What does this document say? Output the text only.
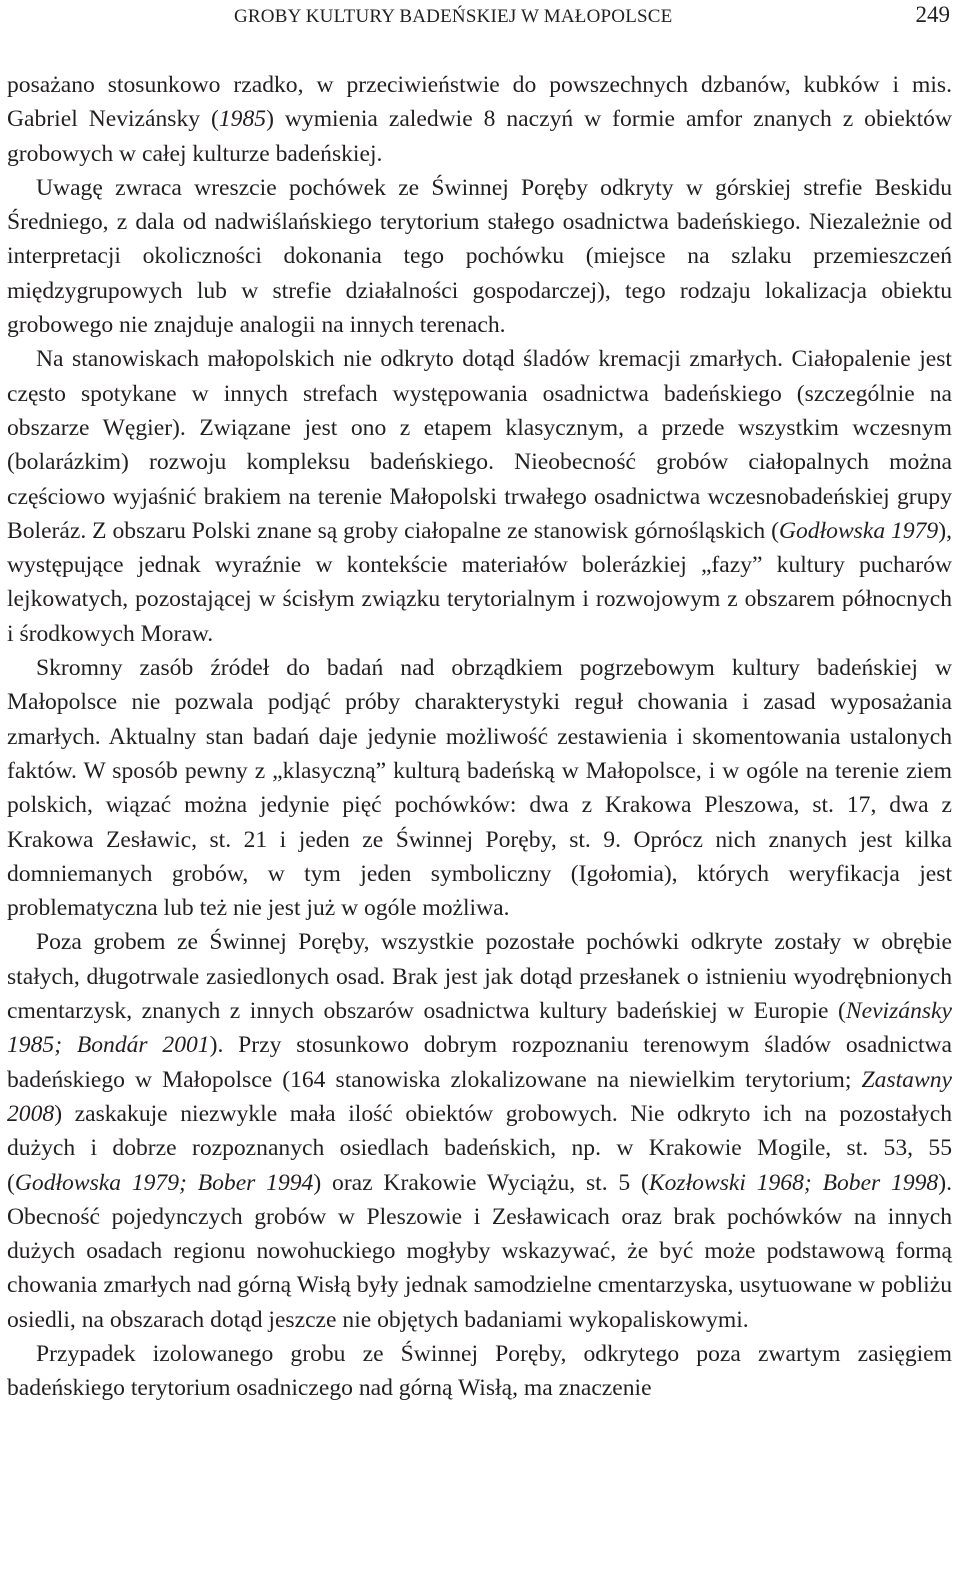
GROBY KULTURY BADEŃSKIEJ W MAŁOPOLSCE	249

posażano stosunkowo rzadko, w przeciwieństwie do powszechnych dzbanów, kubków i mis. Gabriel Nevizánsky (1985) wymienia zaledwie 8 naczyń w formie amfor znanych z obiektów grobowych w całej kulturze badeńskiej.

Uwagę zwraca wreszcie pochówek ze Świnnej Poręby odkryty w górskiej strefie Beskidu Średniego, z dala od nadwiślańskiego terytorium stałego osadnictwa badeńskiego. Niezależnie od interpretacji okoliczności dokonania tego pochówku (miejsce na szlaku przemieszczeń międzygrupowych lub w strefie działalności gospodarczej), tego rodzaju lokalizacja obiektu grobowego nie znajduje analogii na innych terenach.

Na stanowiskach małopolskich nie odkryto dotąd śladów kremacji zmarłych. Ciałopalenie jest często spotykane w innych strefach występowania osadnictwa badeńskiego (szczególnie na obszarze Węgier). Związane jest ono z etapem klasycznym, a przede wszystkim wczesnym (bolarázkim) rozwoju kompleksu badeńskiego. Nieobecność grobów ciałopalnych można częściowo wyjaśnić brakiem na terenie Małopolski trwałego osadnictwa wczesnobadeńskiej grupy Boleráz. Z obszaru Polski znane są groby ciałopalne ze stanowisk górnośląskich (Godłowska 1979), występujące jednak wyraźnie w kontekście materiałów bolerázkiej „fazy” kultury pucharów lejkowatych, pozostającej w ścisłym związku terytorialnym i rozwojowym z obszarem północnych i środkowych Moraw.

Skromny zasób źródeł do badań nad obrządkiem pogrzebowym kultury badeńskiej w Małopolsce nie pozwala podjąć próby charakterystyki reguł chowania i zasad wyposażania zmarłych. Aktualny stan badań daje jedynie możliwość zestawienia i skomentowania ustalonych faktów. W sposób pewny z „klasyczną” kulturą badeńską w Małopolsce, i w ogóle na terenie ziem polskich, wiązać można jedynie pięć pochówków: dwa z Krakowa Pleszowa, st. 17, dwa z Krakowa Zesławic, st. 21 i jeden ze Świnnej Poręby, st. 9. Oprócz nich znanych jest kilka domniemanych grobów, w tym jeden symboliczny (Igołomia), których weryfikacja jest problematyczna lub też nie jest już w ogóle możliwa.

Poza grobem ze Świnnej Poręby, wszystkie pozostałe pochówki odkryte zostały w obrębie stałych, długotrwale zasiedlonych osad. Brak jest jak dotąd przesłanek o istnieniu wyodrębnionych cmentarzysk, znanych z innych obszarów osadnictwa kultury badeńskiej w Europie (Nevizánsky 1985; Bondár 2001). Przy stosunkowo dobrym rozpoznaniu terenowym śladów osadnictwa badeńskiego w Małopolsce (164 stanowiska zlokalizowane na niewielkim terytorium; Zastawny 2008) zaskakuje niezwykle mała ilość obiektów grobowych. Nie odkryto ich na pozostałych dużych i dobrze rozpoznanych osiedlach badeńskich, np. w Krakowie Mogile, st. 53, 55 (Godłowska 1979; Bober 1994) oraz Krakowie Wyciążu, st. 5 (Kozłowski 1968; Bober 1998). Obecność pojedynczych grobów w Pleszowie i Zesławicach oraz brak pochówków na innych dużych osadach regionu nowohuckiego mogłyby wskazywać, że być może podstawową formą chowania zmarłych nad górną Wisłą były jednak samodzielne cmentarzyska, usytuowane w pobliżu osiedli, na obszarach dotąd jeszcze nie objętych badaniami wykopaliskowymi.

Przypadek izolowanego grobu ze Świnnej Poręby, odkrytego poza zwartym zasięgiem badeńskiego terytorium osadniczego nad górną Wisłą, ma znaczenie
